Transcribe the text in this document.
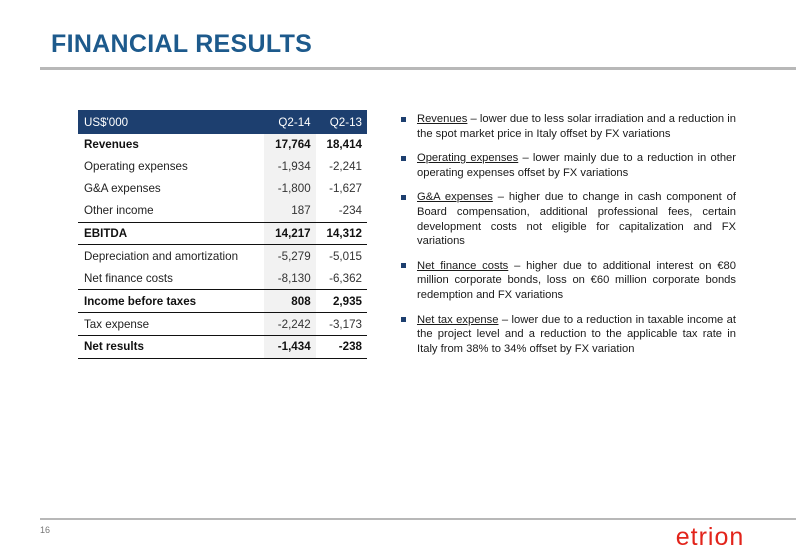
FINANCIAL RESULTS
US$'000	Q2-14	Q2-13
Revenues	17,764	18,414
Operating expenses	-1,934	-2,241
G&A expenses	-1,800	-1,627
Other income	187	-234
EBITDA	14,217	14,312
Depreciation and amortization	-5,279	-5,015
Net finance costs	-8,130	-6,362
Income before taxes	808	2,935
Tax expense	-2,242	-3,173
Net results	-1,434	-238
Revenues – lower due to less solar irradiation and a reduction in the spot market price in Italy offset by FX variations
Operating expenses – lower mainly due to a reduction in other operating expenses offset by FX variations
G&A expenses – higher due to change in cash component of Board compensation, additional professional fees, certain development costs not eligible for capitalization and FX variations
Net finance costs – higher due to additional interest on €80 million corporate bonds, loss on €60 million corporate bonds redemption and FX variations
Net tax expense – lower due to a reduction in taxable income at the project level and a reduction to the applicable tax rate in Italy from 38% to 34% offset by FX variation
16	etrion
